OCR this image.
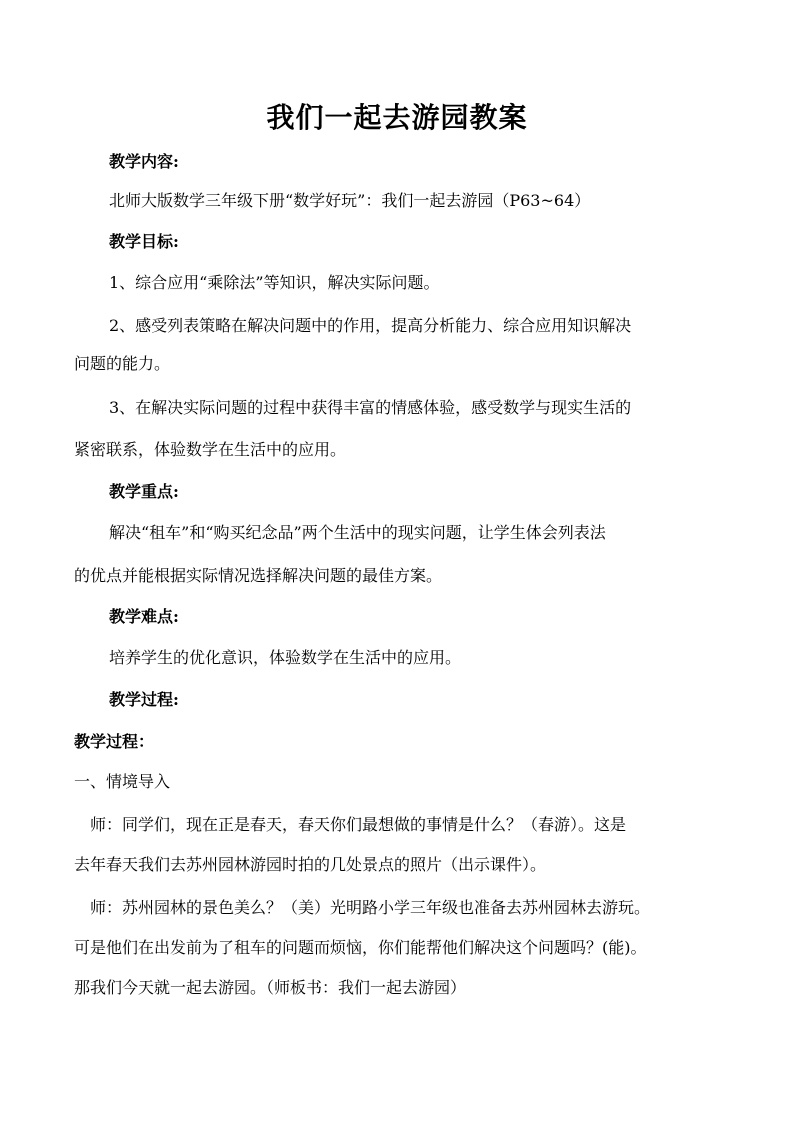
我们一起去游园教案
教学内容:
北师大版数学三年级下册“数学好玩”：我们一起去游园（P63~64）
教学目标:
1、综合应用“乘除法”等知识，解决实际问题。
2、感受列表策略在解决问题中的作用，提高分析能力、综合应用知识解决
问题的能力。
3、在解决实际问题的过程中获得丰富的情感体验，感受数学与现实生活的
紧密联系，体验数学在生活中的应用。
教学重点:
解决“租车”和“购买纪念品”两个生活中的现实问题，让学生体会列表法
的优点并能根据实际情况选择解决问题的最佳方案。
教学难点:
培养学生的优化意识，体验数学在生活中的应用。
教学过程:
教学过程：
一、情境导入
师：同学们，现在正是春天，春天你们最想做的事情是什么？（春游）。这是
去年春天我们去苏州园林游园时拍的几处景点的照片（出示课件）。
师：苏州园林的景色美么？（美）光明路小学三年级也准备去苏州园林去游玩。
可是他们在出发前为了租车的问题而烦恼，你们能帮他们解决这个问题吗？(能)。
那我们今天就一起去游园。（师板书：我们一起去游园）
